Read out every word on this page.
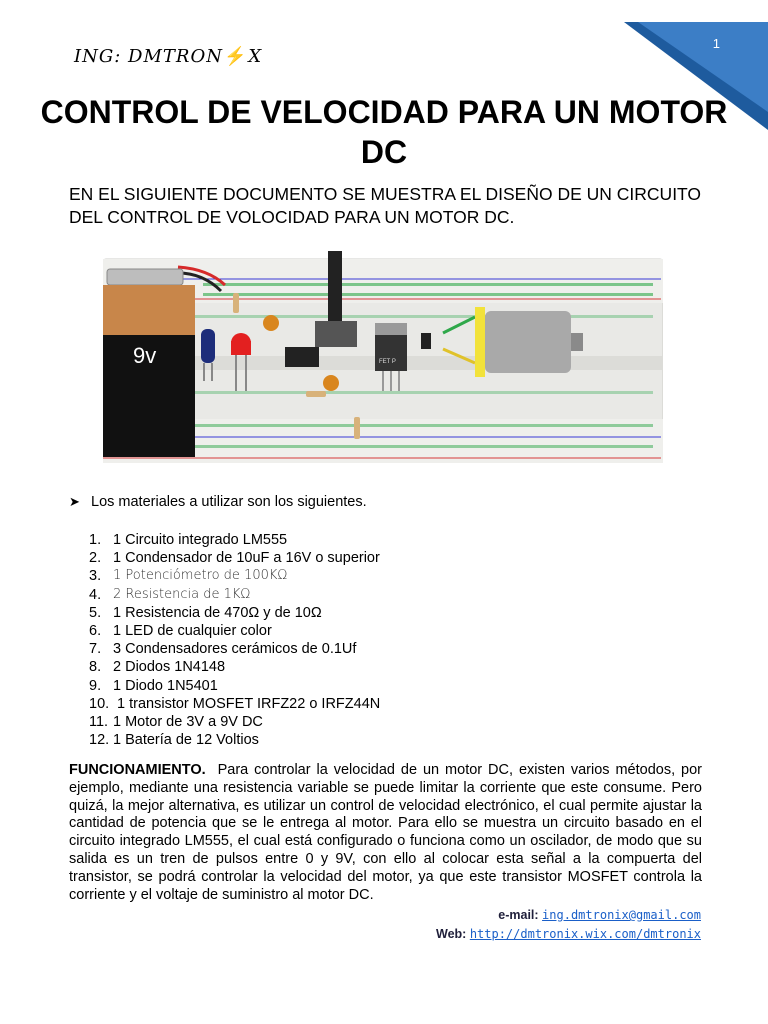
1
ING: DMTRON ⚡ X
CONTROL DE VELOCIDAD PARA UN MOTOR DC

EN EL SIGUIENTE DOCUMENTO SE MUESTRA EL DISEÑO DE UN CIRCUITO DEL CONTROL DE VOLOCIDAD PARA UN MOTOR DC.

9v	FET P
➤ Los materiales a utilizar son los siguientes.
1. 1 Circuito integrado LM555
2. 1 Condensador de 10uF a 16V o superior
3. 1 Potenciómetro de 100KΩ
4. 2 Resistencia de 1KΩ
5. 1 Resistencia de 470Ω y de 10Ω
6. 1 LED de cualquier color
7. 3 Condensadores cerámicos de 0.1Uf
8. 2 Diodos 1N4148
9. 1 Diodo 1N5401
10. 1 transistor MOSFET IRFZ22 o IRFZ44N
11. 1 Motor de 3V a 9V DC
12. 1 Batería de 12 Voltios

FUNCIONAMIENTO. Para controlar la velocidad de un motor DC, existen varios métodos, por ejemplo, mediante una resistencia variable se puede limitar la corriente que este consume. Pero quizá, la mejor alternativa, es utilizar un control de velocidad electrónico, el cual permite ajustar la cantidad de potencia que se le entrega al motor. Para ello se muestra un circuito basado en el circuito integrado LM555, el cual está configurado o funciona como un oscilador, de modo que su salida es un tren de pulsos entre 0 y 9V, con ello al colocar esta señal a la compuerta del transistor, se podrá controlar la velocidad del motor, ya que este transistor MOSFET controla la corriente y el voltaje de suministro al motor DC.

e-mail: ing.dmtronix@gmail.com
Web: http://dmtronix.wix.com/dmtronix
